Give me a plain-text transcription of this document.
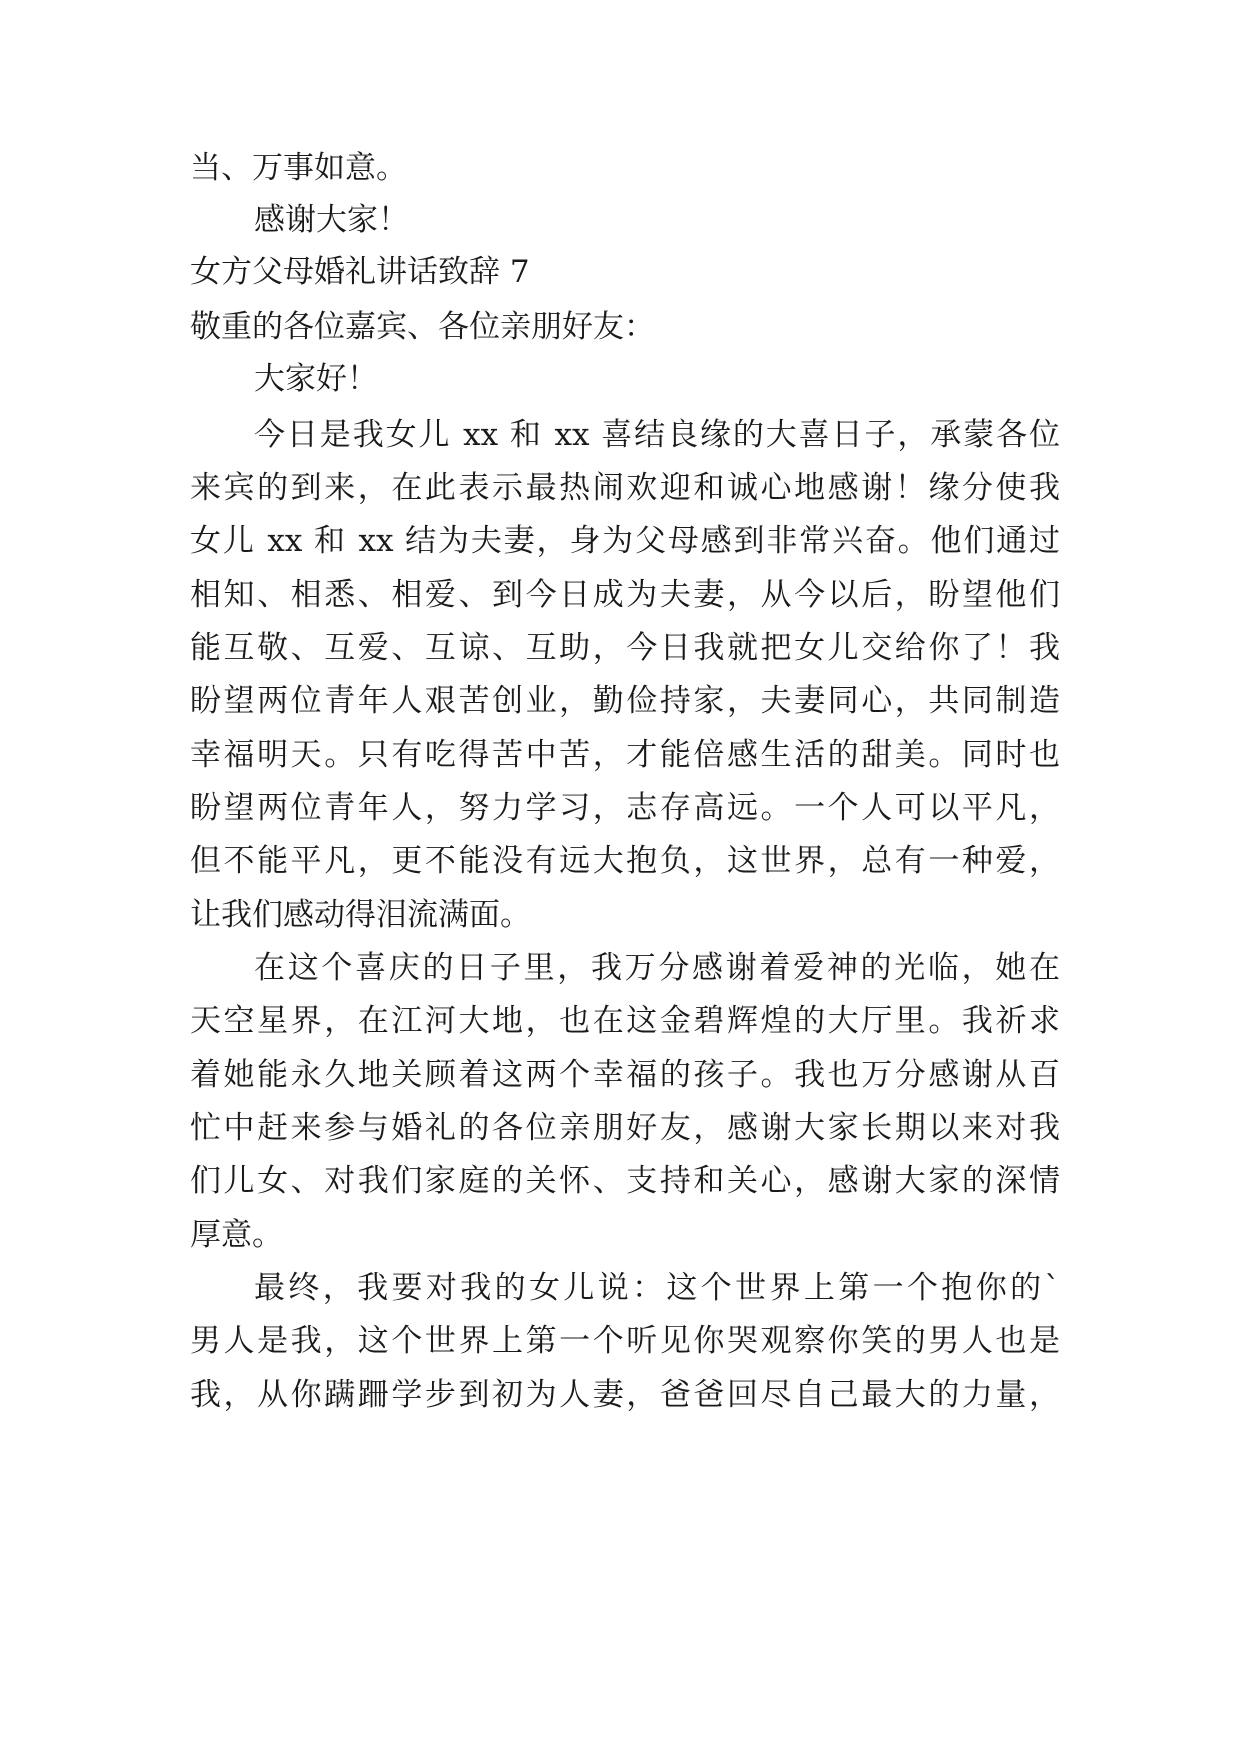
当、万事如意。
感谢大家！
女方父母婚礼讲话致辞 7
敬重的各位嘉宾、各位亲朋好友：
大家好！
今日是我女儿 xx 和 xx 喜结良缘的大喜日子，承蒙各位
来宾的到来，在此表示最热闹欢迎和诚心地感谢！缘分使我
女儿 xx 和 xx 结为夫妻，身为父母感到非常兴奋。他们通过
相知、相悉、相爱、到今日成为夫妻，从今以后，盼望他们
能互敬、互爱、互谅、互助，今日我就把女儿交给你了！我
盼望两位青年人艰苦创业，勤俭持家，夫妻同心，共同制造
幸福明天。只有吃得苦中苦，才能倍感生活的甜美。同时也
盼望两位青年人，努力学习，志存高远。一个人可以平凡，
但不能平凡，更不能没有远大抱负，这世界，总有一种爱，
让我们感动得泪流满面。
在这个喜庆的日子里，我万分感谢着爱神的光临，她在
天空星界，在江河大地，也在这金碧辉煌的大厅里。我祈求
着她能永久地关顾着这两个幸福的孩子。我也万分感谢从百
忙中赶来参与婚礼的各位亲朋好友，感谢大家长期以来对我
们儿女、对我们家庭的关怀、支持和关心，感谢大家的深情
厚意。
最终，我要对我的女儿说：这个世界上第一个抱你的`
男人是我，这个世界上第一个听见你哭观察你笑的男人也是
我，从你蹒跚学步到初为人妻，爸爸回尽自己最大的力量，
